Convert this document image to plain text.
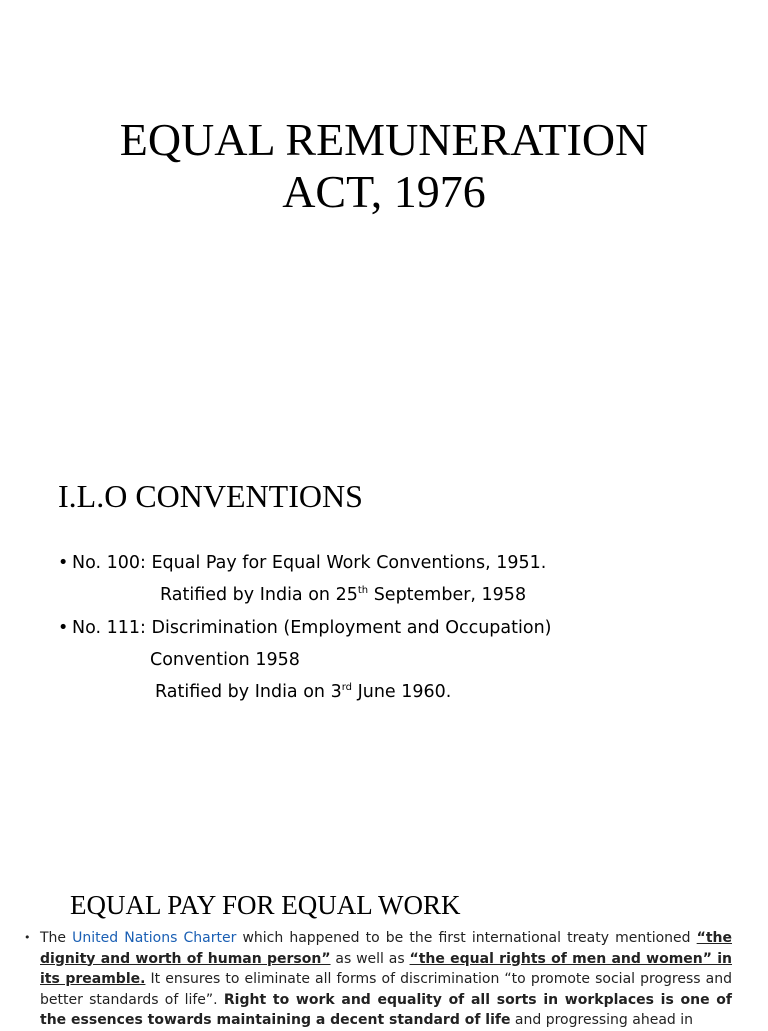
EQUAL REMUNERATION
ACT, 1976
I.L.O CONVENTIONS
• No. 100: Equal Pay for Equal Work Conventions, 1951.
Ratified by India on 25th September, 1958
• No. 111: Discrimination (Employment and Occupation)
Convention 1958
Ratified by India on 3rd June 1960.
EQUAL PAY FOR EQUAL WORK
• The United Nations Charter which happened to be the first international treaty mentioned “the dignity and worth of human person” as well as “the equal rights of men and women” in its preamble. It ensures to eliminate all forms of discrimination “to promote social progress and better standards of life”. Right to work and equality of all sorts in workplaces is one of the essences towards maintaining a decent standard of life and progressing ahead in
